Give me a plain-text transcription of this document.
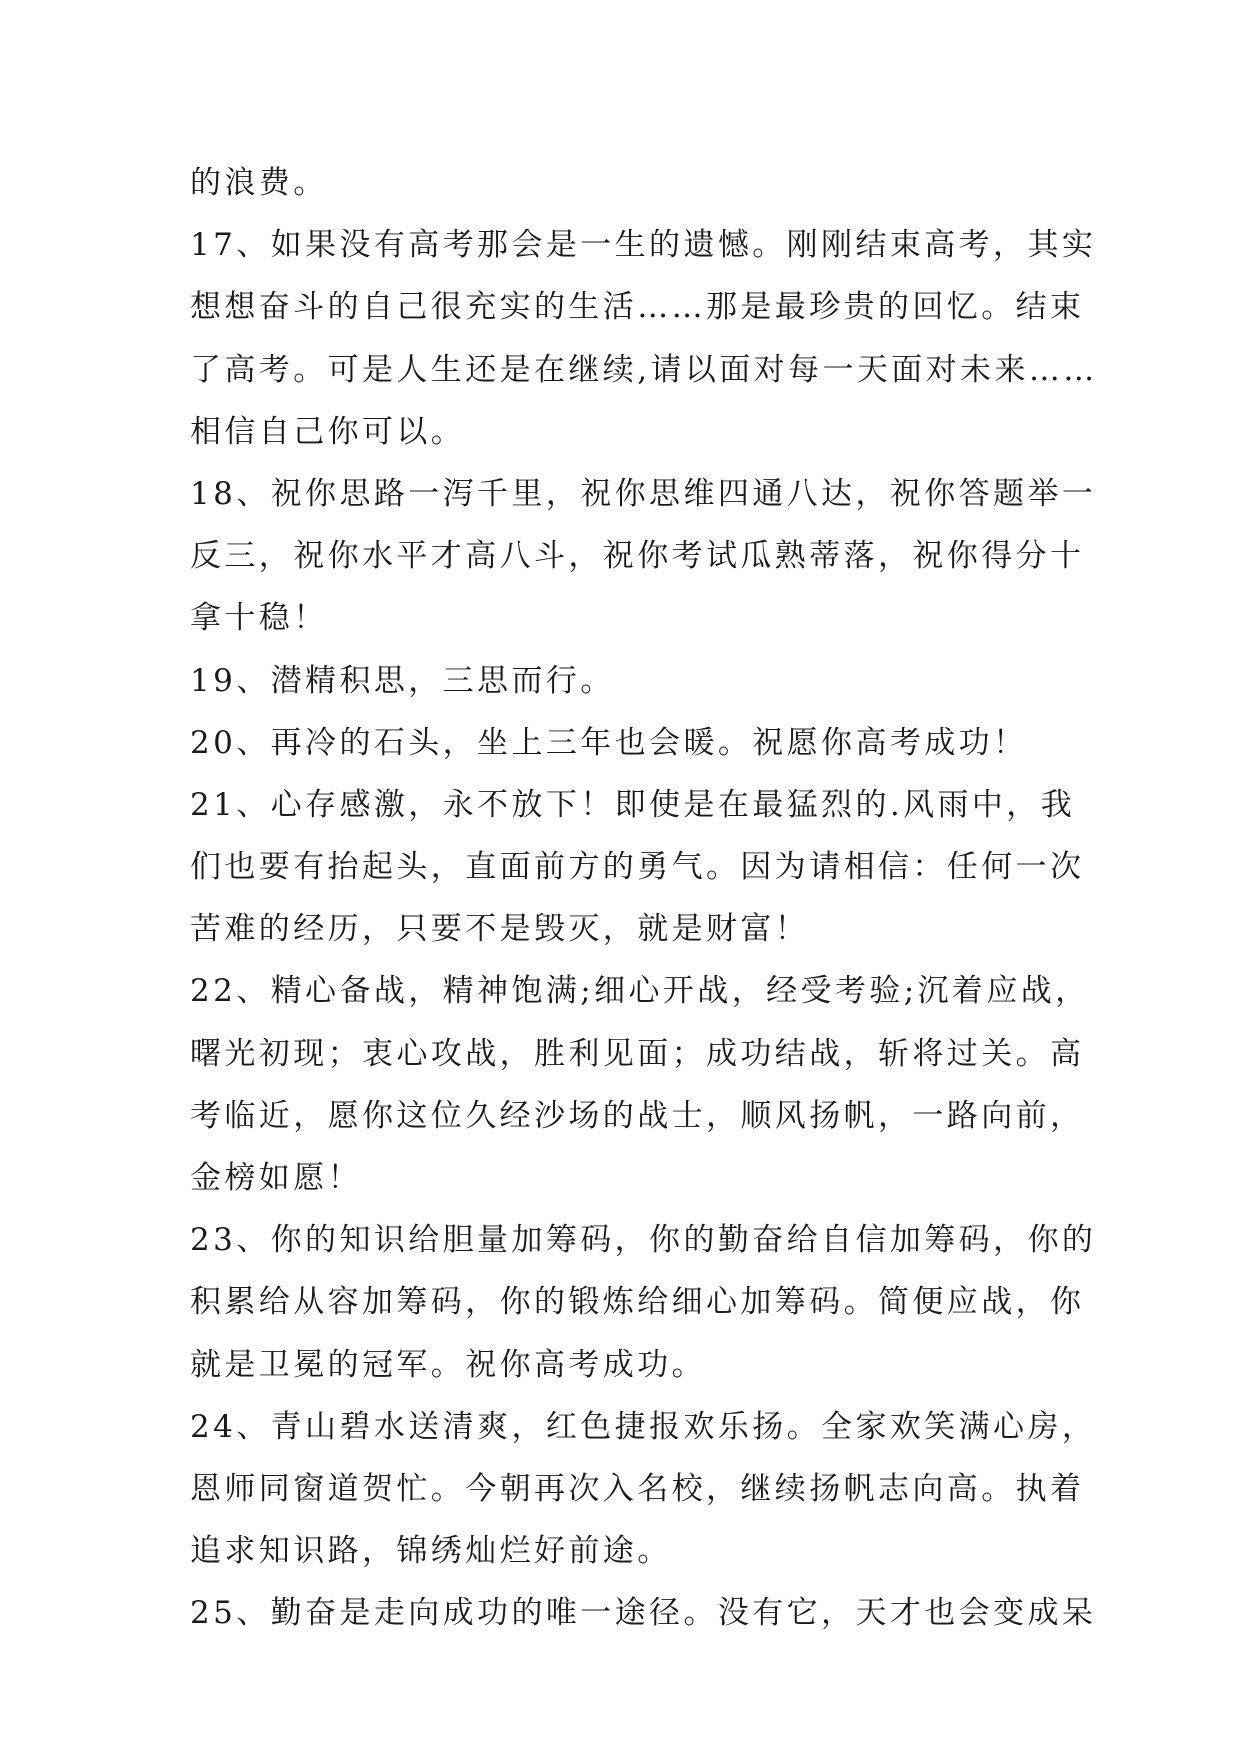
的浪费。
17、如果没有高考那会是一生的遗憾。刚刚结束高考，其实
想想奋斗的自己很充实的生活……那是最珍贵的回忆。结束
了高考。可是人生还是在继续,请以面对每一天面对未来……
相信自己你可以。
18、祝你思路一泻千里，祝你思维四通八达，祝你答题举一
反三，祝你水平才高八斗，祝你考试瓜熟蒂落，祝你得分十
拿十稳！
19、潜精积思，三思而行。
20、再冷的石头，坐上三年也会暖。祝愿你高考成功！
21、心存感激，永不放下！即使是在最猛烈的.风雨中，我
们也要有抬起头，直面前方的勇气。因为请相信：任何一次
苦难的经历，只要不是毁灭，就是财富！
22、精心备战，精神饱满;细心开战，经受考验;沉着应战，
曙光初现；衷心攻战，胜利见面；成功结战，斩将过关。高
考临近，愿你这位久经沙场的战士，顺风扬帆，一路向前，
金榜如愿！
23、你的知识给胆量加筹码，你的勤奋给自信加筹码，你的
积累给从容加筹码，你的锻炼给细心加筹码。简便应战，你
就是卫冕的冠军。祝你高考成功。
24、青山碧水送清爽，红色捷报欢乐扬。全家欢笑满心房，
恩师同窗道贺忙。今朝再次入名校，继续扬帆志向高。执着
追求知识路，锦绣灿烂好前途。
25、勤奋是走向成功的唯一途径。没有它，天才也会变成呆
